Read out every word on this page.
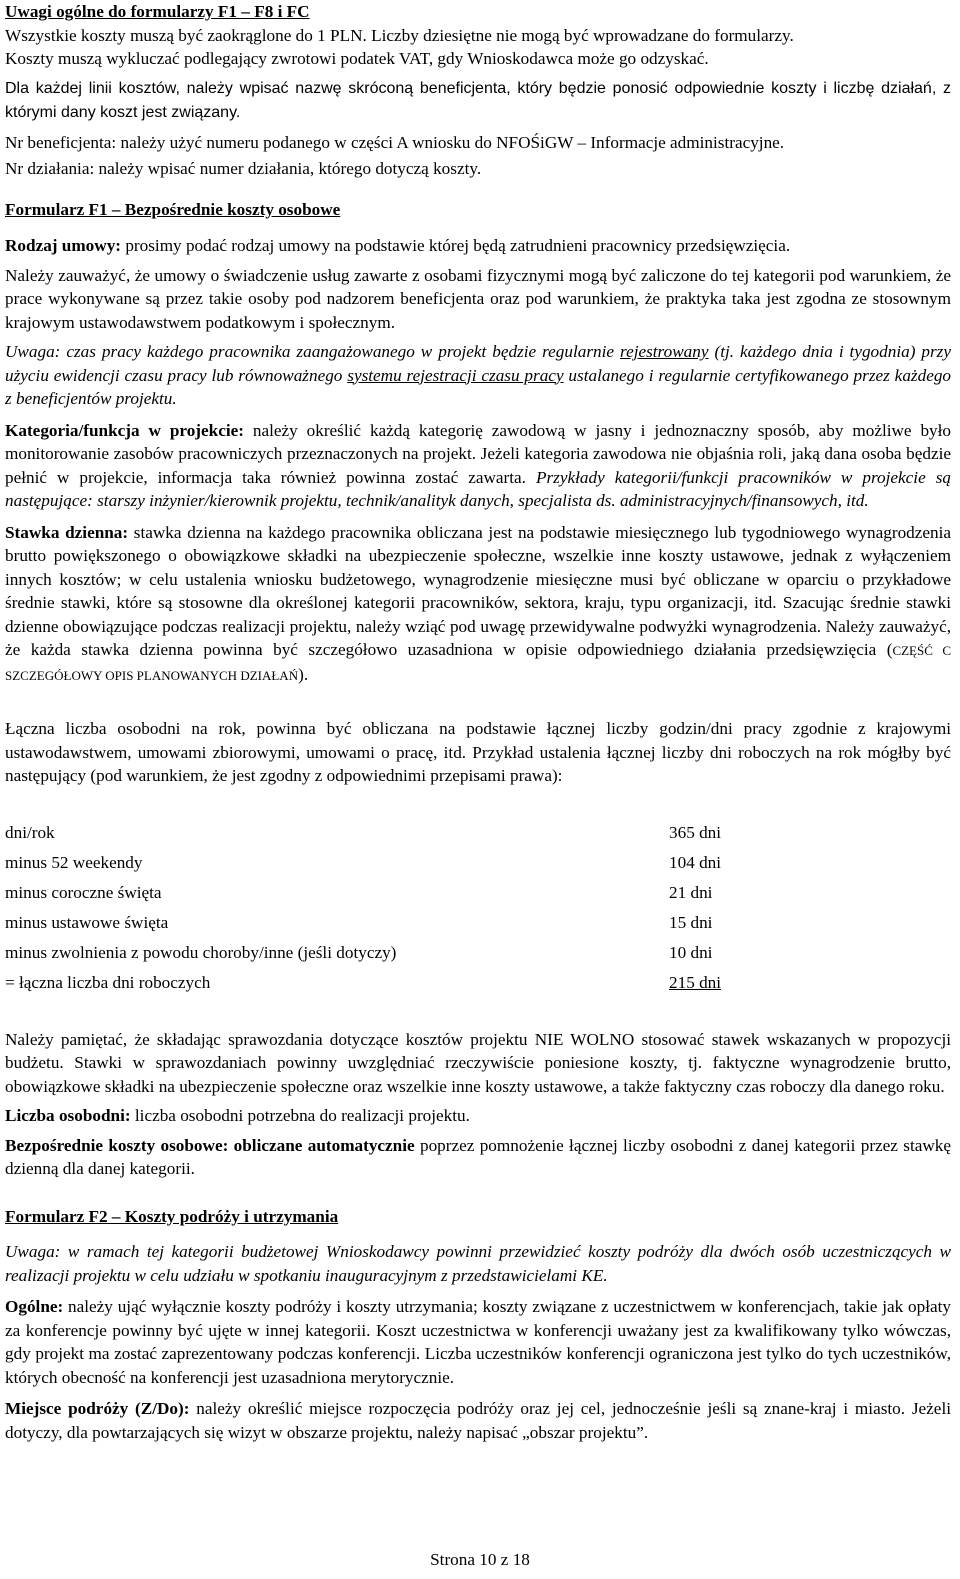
Uwagi ogólne do formularzy F1 – F8 i FC

Wszystkie koszty muszą być zaokrąglone do 1 PLN. Liczby dziesiętne nie mogą być wprowadzane do formularzy.

Koszty muszą wykluczać podlegający zwrotowi podatek VAT, gdy Wnioskodawca może go odzyskać.

Dla każdej linii kosztów, należy wpisać nazwę skróconą beneficjenta, który będzie ponosić odpowiednie koszty i liczbę działań, z którymi dany koszt jest związany.

Nr beneficjenta: należy użyć numeru podanego w części A wniosku do NFOŚiGW – Informacje administracyjne.

Nr działania: należy wpisać numer działania, którego dotyczą koszty.

Formularz F1 – Bezpośrednie koszty osobowe

Rodzaj umowy: prosimy podać rodzaj umowy na podstawie której będą zatrudnieni pracownicy przedsięwzięcia.

Należy zauważyć, że umowy o świadczenie usług zawarte z osobami fizycznymi mogą być zaliczone do tej kategorii pod warunkiem, że prace wykonywane są przez takie osoby pod nadzorem beneficjenta oraz pod warunkiem, że praktyka taka jest zgodna ze stosownym krajowym ustawodawstwem podatkowym i społecznym.

Uwaga: czas pracy każdego pracownika zaangażowanego w projekt będzie regularnie rejestrowany (tj. każdego dnia i tygodnia) przy użyciu ewidencji czasu pracy lub równoważnego systemu rejestracji czasu pracy ustalanego i regularnie certyfikowanego przez każdego z beneficjentów projektu.

Kategoria/funkcja w projekcie: należy określić każdą kategorię zawodową w jasny i jednoznaczny sposób, aby możliwe było monitorowanie zasobów pracowniczych przeznaczonych na projekt. Jeżeli kategoria zawodowa nie objaśnia roli, jaką dana osoba będzie pełnić w projekcie, informacja taka również powinna zostać zawarta. Przykłady kategorii/funkcji pracowników w projekcie są następujące: starszy inżynier/kierownik projektu, technik/analityk danych, specjalista ds. administracyjnych/finansowych, itd.

Stawka dzienna: stawka dzienna na każdego pracownika obliczana jest na podstawie miesięcznego lub tygodniowego wynagrodzenia brutto powiększonego o obowiązkowe składki na ubezpieczenie społeczne, wszelkie inne koszty ustawowe, jednak z wyłączeniem innych kosztów; w celu ustalenia wniosku budżetowego, wynagrodzenie miesięczne musi być obliczane w oparciu o przykładowe średnie stawki, które są stosowne dla określonej kategorii pracowników, sektora, kraju, typu organizacji, itd. Szacując średnie stawki dzienne obowiązujące podczas realizacji projektu, należy wziąć pod uwagę przewidywalne podwyżki wynagrodzenia. Należy zauważyć, że każda stawka dzienna powinna być szczegółowo uzasadniona w opisie odpowiedniego działania przedsięwzięcia (CZĘŚĆ C SZCZEGÓŁOWY OPIS PLANOWANYCH DZIAŁAŃ).

Łączna liczba osobodni na rok, powinna być obliczana na podstawie łącznej liczby godzin/dni pracy zgodnie z krajowymi ustawodawstwem, umowami zbiorowymi, umowami o pracę, itd. Przykład ustalenia łącznej liczby dni roboczych na rok mógłby być następujący (pod warunkiem, że jest zgodny z odpowiednimi przepisami prawa):

dni/rok	365 dni
minus 52 weekendy	104 dni
minus coroczne święta	21 dni
minus ustawowe święta	15 dni
minus zwolnienia z powodu choroby/inne (jeśli dotyczy)	10 dni
= łączna liczba dni roboczych	215 dni

Należy pamiętać, że składając sprawozdania dotyczące kosztów projektu NIE WOLNO stosować stawek wskazanych w propozycji budżetu. Stawki w sprawozdaniach powinny uwzględniać rzeczywiście poniesione koszty, tj. faktyczne wynagrodzenie brutto, obowiązkowe składki na ubezpieczenie społeczne oraz wszelkie inne koszty ustawowe, a także faktyczny czas roboczy dla danego roku.

Liczba osobodni: liczba osobodni potrzebna do realizacji projektu.

Bezpośrednie koszty osobowe: obliczane automatycznie poprzez pomnożenie łącznej liczby osobodni z danej kategorii przez stawkę dzienną dla danej kategorii.

Formularz F2 – Koszty podróży i utrzymania

Uwaga: w ramach tej kategorii budżetowej Wnioskodawcy powinni przewidzieć koszty podróży dla dwóch osób uczestniczących w realizacji projektu w celu udziału w spotkaniu inauguracyjnym z przedstawicielami KE.

Ogólne: należy ująć wyłącznie koszty podróży i koszty utrzymania; koszty związane z uczestnictwem w konferencjach, takie jak opłaty za konferencje powinny być ujęte w innej kategorii. Koszt uczestnictwa w konferencji uważany jest za kwalifikowany tylko wówczas, gdy projekt ma zostać zaprezentowany podczas konferencji. Liczba uczestników konferencji ograniczona jest tylko do tych uczestników, których obecność na konferencji jest uzasadniona merytorycznie.

Miejsce podróży (Z/Do): należy określić miejsce rozpoczęcia podróży oraz jej cel, jednocześnie jeśli są znane-kraj i miasto. Jeżeli dotyczy, dla powtarzających się wizyt w obszarze projektu, należy napisać „obszar projektu”.

Strona 10 z 18
